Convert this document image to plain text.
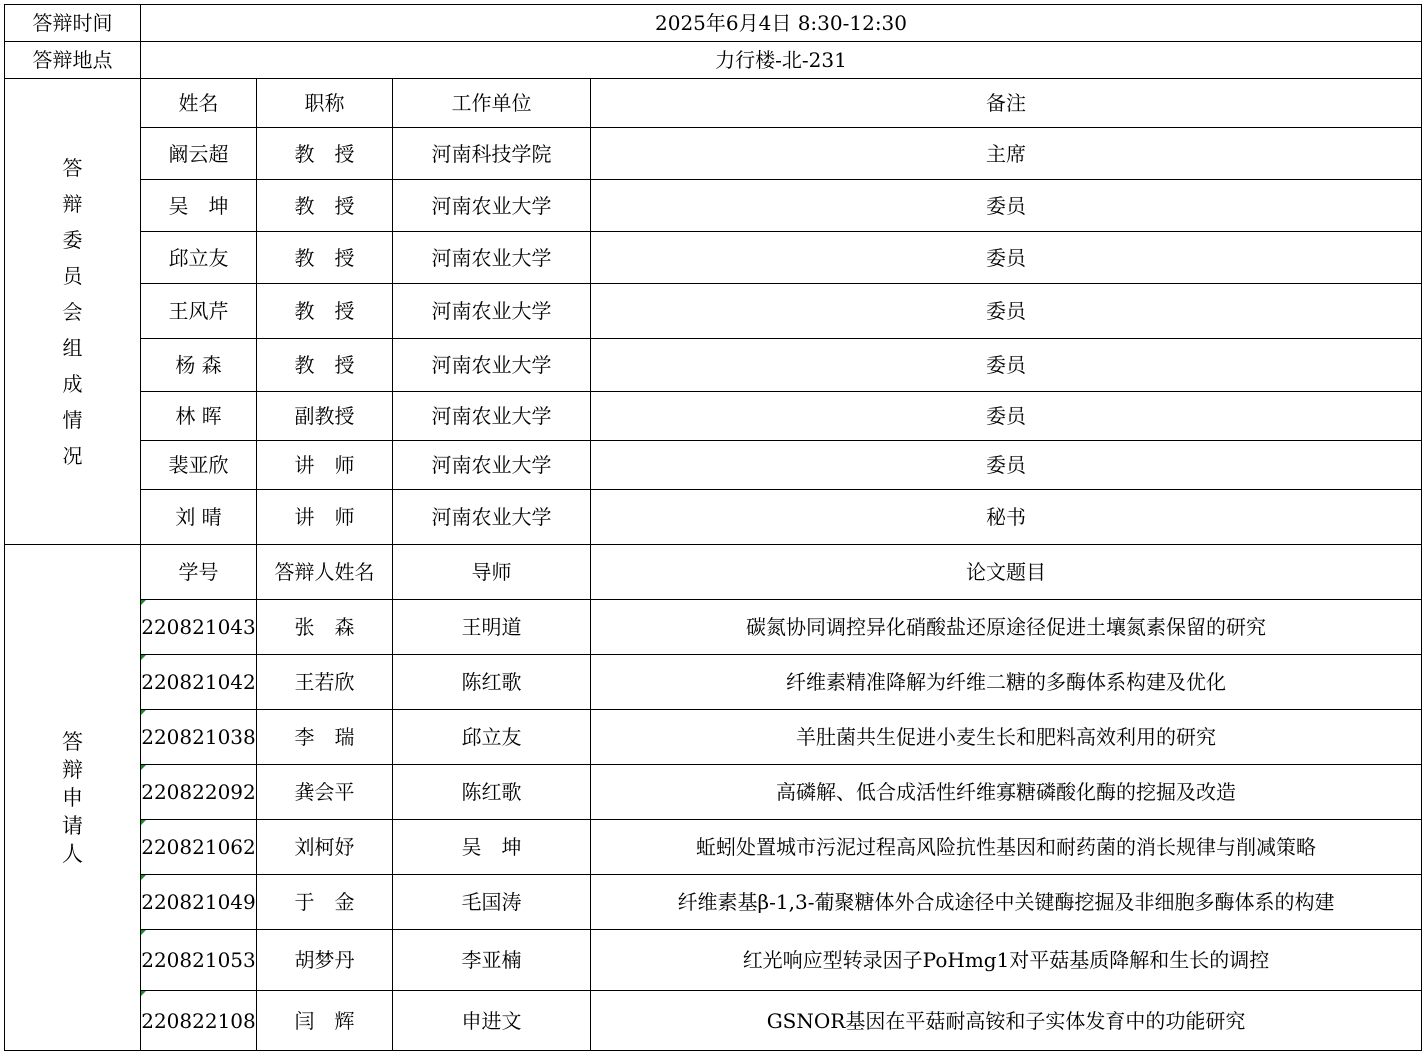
答辩时间	2025年6月4日 8:30-12:30			
答辩地点	力行楼-北-231			
答辩委员会组成情况	姓名	职称	工作单位	备注
	阚云超	教　授	河南科技学院	主席
	吴　坤	教　授	河南农业大学	委员
	邱立友	教　授	河南农业大学	委员
	王风芹	教　授	河南农业大学	委员
	杨 森	教　授	河南农业大学	委员
	林 晖	副教授	河南农业大学	委员
	裴亚欣	讲　师	河南农业大学	委员
	刘 晴	讲　师	河南农业大学	秘书
答辩申请人	学号	答辩人姓名	导师	论文题目
	220821043	张　森	王明道	碳氮协同调控异化硝酸盐还原途径促进土壤氮素保留的研究
	220821042	王若欣	陈红歌	纤维素精准降解为纤维二糖的多酶体系构建及优化
	220821038	李　瑞	邱立友	羊肚菌共生促进小麦生长和肥料高效利用的研究
	220822092	龚会平	陈红歌	高磷解、低合成活性纤维寡糖磷酸化酶的挖掘及改造
	220821062	刘柯妤	吴　坤	蚯蚓处置城市污泥过程高风险抗性基因和耐药菌的消长规律与削减策略
	220821049	于　金	毛国涛	纤维素基β-1,3-葡聚糖体外合成途径中关键酶挖掘及非细胞多酶体系的构建
	220821053	胡梦丹	李亚楠	红光响应型转录因子PoHmg1对平菇基质降解和生长的调控
	220822108	闫　辉	申进文	GSNOR基因在平菇耐高铵和子实体发育中的功能研究
